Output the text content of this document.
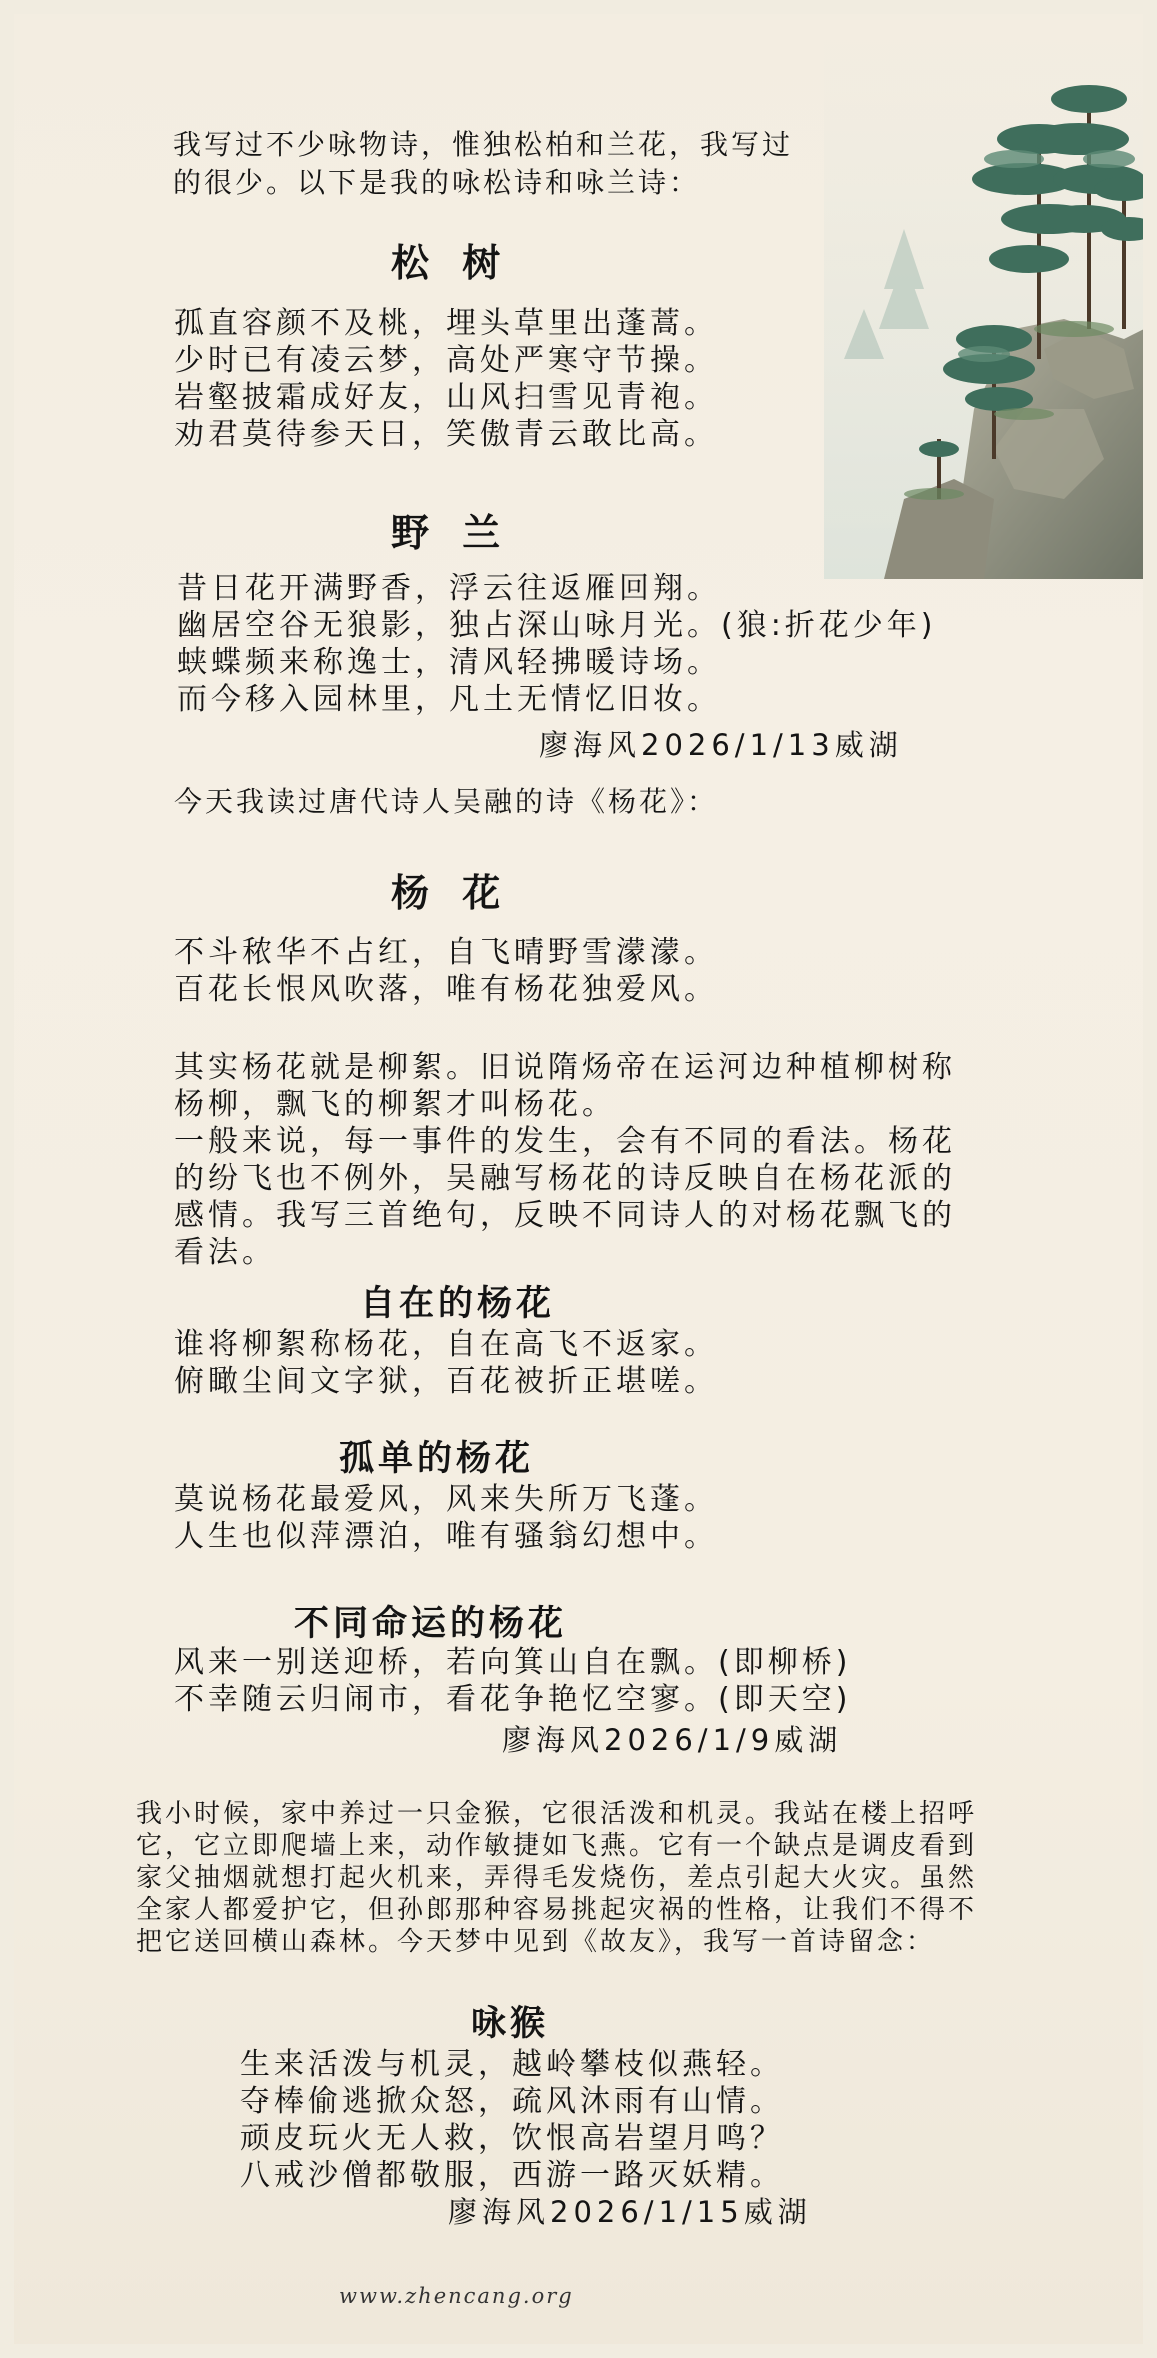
我写过不少咏物诗，惟独松柏和兰花，我写过
的很少。以下是我的咏松诗和咏兰诗：
松 树
孤直容颜不及桃，埋头草里出蓬蒿。
少时已有凌云梦，高处严寒守节操。
岩壑披霜成好友，山风扫雪见青袍。
劝君莫待参天日，笑傲青云敢比高。
野 兰
昔日花开满野香，浮云往返雁回翔。
幽居空谷无狼影，独占深山咏月光。(狼:折花少年)
蛱蝶频来称逸士，清风轻拂暖诗场。
而今移入园林里，凡土无情忆旧妆。
廖海风2026/1/13威湖
今天我读过唐代诗人吴融的诗《杨花》：
杨 花
不斗秾华不占红，自飞晴野雪濛濛。
百花长恨风吹落，唯有杨花独爱风。
其实杨花就是柳絮。旧说隋炀帝在运河边种植柳树称
杨柳，飘飞的柳絮才叫杨花。
一般来说，每一事件的发生，会有不同的看法。杨花
的纷飞也不例外，吴融写杨花的诗反映自在杨花派的
感情。我写三首绝句，反映不同诗人的对杨花飘飞的
看法。
自在的杨花
谁将柳絮称杨花，自在高飞不返家。
俯瞰尘间文字狱，百花被折正堪嗟。
孤单的杨花
莫说杨花最爱风，风来失所万飞蓬。
人生也似萍漂泊，唯有骚翁幻想中。
不同命运的杨花
风来一别送迎桥，若向箕山自在飘。(即柳桥)
不幸随云归闹市，看花争艳忆空寥。(即天空)
廖海风2026/1/9威湖
我小时候，家中养过一只金猴，它很活泼和机灵。我站在楼上招呼
它，它立即爬墙上来，动作敏捷如飞燕。它有一个缺点是调皮看到
家父抽烟就想打起火机来，弄得毛发烧伤，差点引起大火灾。虽然
全家人都爱护它，但孙郎那种容易挑起灾祸的性格，让我们不得不
把它送回横山森林。今天梦中见到《故友》，我写一首诗留念：
咏猴
生来活泼与机灵，越岭攀枝似燕轻。
夺棒偷逃掀众怒，疏风沐雨有山情。
顽皮玩火无人救，饮恨高岩望月鸣？
八戒沙僧都敬服，西游一路灭妖精。
廖海风2026/1/15威湖
www.zhencang.org
